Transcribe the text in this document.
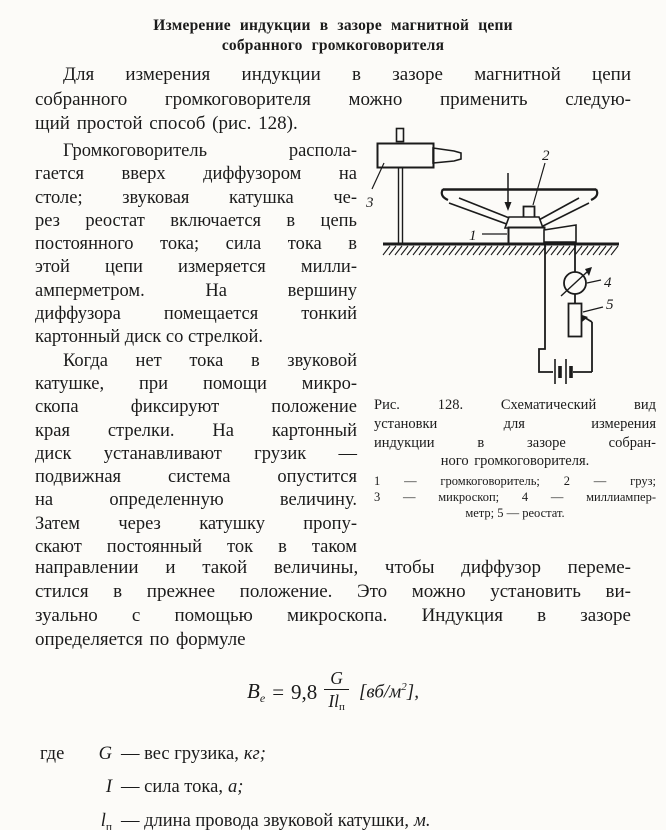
Измерение индукции в зазоре магнитной цепи
собранного громкоговорителя
Для измерения индукции в зазоре магнитной цепи
собранного громкоговорителя можно применить следую-
щий простой способ (рис. 128).
Громкоговоритель распола-
гается вверх диффузором на
столе; звуковая катушка че-
рез реостат включается в цепь
постоянного тока; сила тока в
этой цепи измеряется милли-
амперметром. На вершину
диффузора помещается тонкий
картонный диск со стрелкой.
Когда нет тока в звуковой
катушке, при помощи микро-
скопа фиксируют положение
края стрелки. На картонный
диск устанавливают грузик —
подвижная система опустится
на определенную величину.
Затем через катушку пропу-
скают постоянный ток в таком
3
2
1
4
5
Рис. 128. Схематический вид
установки для измерения
индукции в зазоре собран-
ного громкоговорителя.
1 — громкоговоритель; 2 — груз;
3 — микроскоп; 4 — миллиампер-
метр; 5 — реостат.
направлении и такой величины, чтобы диффузор переме-
стился в прежнее положение. Это можно установить ви-
зуально с помощью микроскопа. Индукция в зазоре
определяется по формуле
$Be = 9,8 \frac{G}{\text{Ilп}} [вб/м^2]$,
где	G — вес грузика, кг;
I — сила тока, а;
$l_п$ — длина провода звуковой катушки, м.
